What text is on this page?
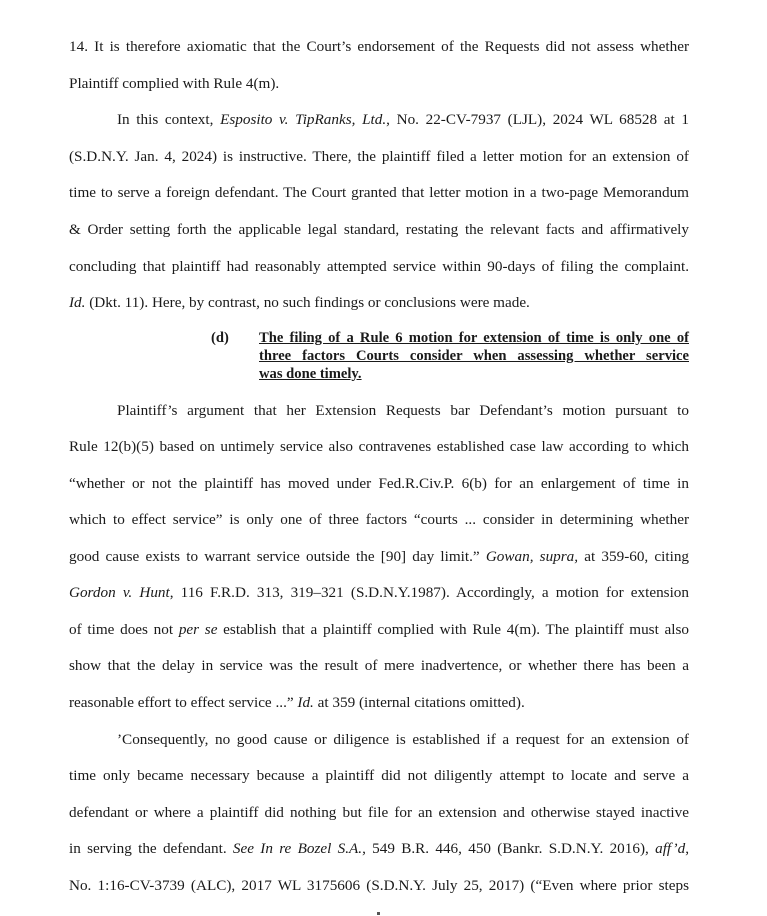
14. It is therefore axiomatic that the Court’s endorsement of the Requests did not assess whether
Plaintiff complied with Rule 4(m).
In this context, Esposito v. TipRanks, Ltd., No. 22-CV-7937 (LJL), 2024 WL 68528 at 1
(S.D.N.Y. Jan. 4, 2024) is instructive. There, the plaintiff filed a letter motion for an extension of
time to serve a foreign defendant. The Court granted that letter motion in a two-page Memorandum
& Order setting forth the applicable legal standard, restating the relevant facts and affirmatively
concluding that plaintiff had reasonably attempted service within 90-days of filing the complaint.
Id. (Dkt. 11). Here, by contrast, no such findings or conclusions were made.
(d) The filing of a Rule 6 motion for extension of time is only one of
three factors Courts consider when assessing whether service
was done timely.
Plaintiff’s argument that her Extension Requests bar Defendant’s motion pursuant to
Rule 12(b)(5) based on untimely service also contravenes established case law according to which
“whether or not the plaintiff has moved under Fed.R.Civ.P. 6(b) for an enlargement of time in
which to effect service” is only one of three factors “courts ... consider in determining whether
good cause exists to warrant service outside the [90] day limit.” Gowan, supra, at 359-60, citing
Gordon v. Hunt, 116 F.R.D. 313, 319–321 (S.D.N.Y.1987). Accordingly, a motion for extension
of time does not per se establish that a plaintiff complied with Rule 4(m). The plaintiff must also
show that the delay in service was the result of mere inadvertence, or whether there has been a
reasonable effort to effect service ...” Id. at 359 (internal citations omitted).
’Consequently, no good cause or diligence is established if a request for an extension of
time only became necessary because a plaintiff did not diligently attempt to locate and serve a
defendant or where a plaintiff did nothing but file for an extension and otherwise stayed inactive
in serving the defendant. See In re Bozel S.A., 549 B.R. 446, 450 (Bankr. S.D.N.Y. 2016), aff’d,
No. 1:16-CV-3739 (ALC), 2017 WL 3175606 (S.D.N.Y. July 25, 2017) (“Even where prior steps
